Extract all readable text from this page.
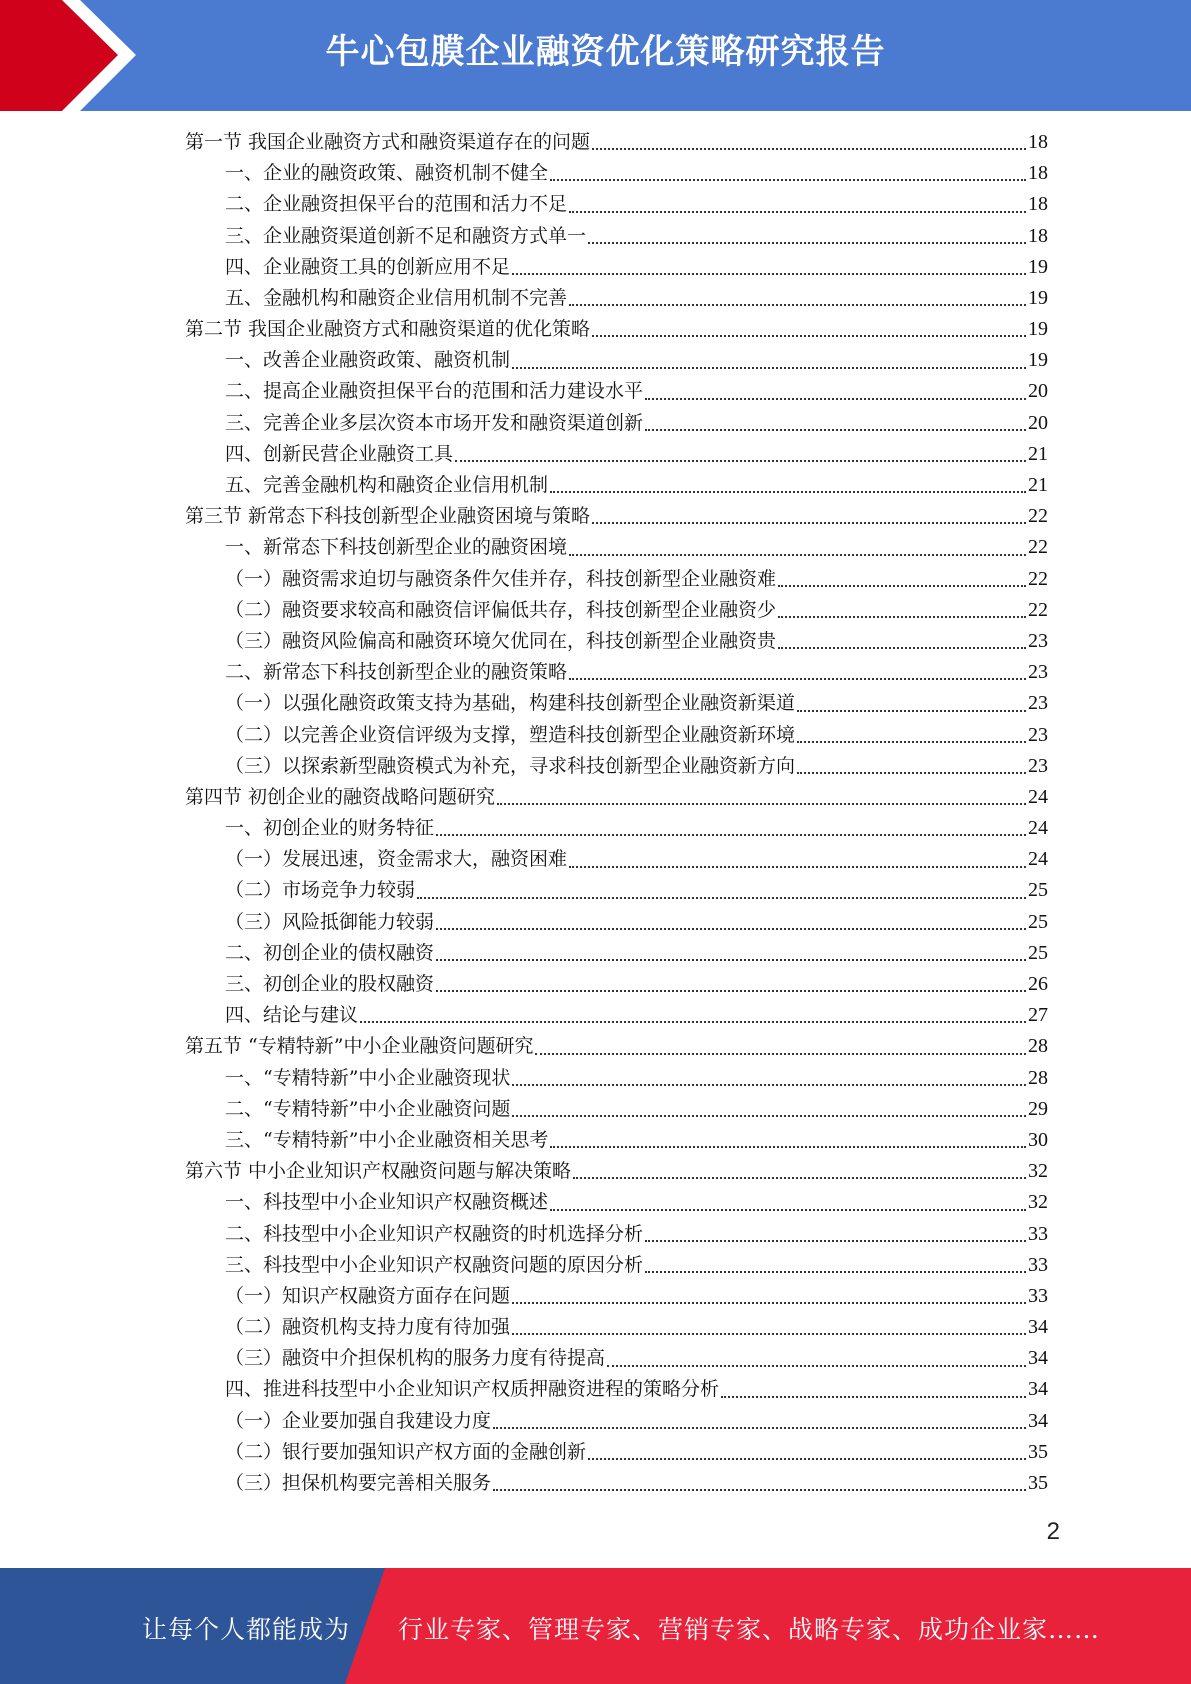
牛心包膜企业融资优化策略研究报告
第一节 我国企业融资方式和融资渠道存在的问题	18
一、企业的融资政策、融资机制不健全	18
二、企业融资担保平台的范围和活力不足	18
三、企业融资渠道创新不足和融资方式单一	18
四、企业融资工具的创新应用不足	19
五、金融机构和融资企业信用机制不完善	19
第二节 我国企业融资方式和融资渠道的优化策略	19
一、改善企业融资政策、融资机制	19
二、提高企业融资担保平台的范围和活力建设水平	20
三、完善企业多层次资本市场开发和融资渠道创新	20
四、创新民营企业融资工具	21
五、完善金融机构和融资企业信用机制	21
第三节 新常态下科技创新型企业融资困境与策略	22
一、新常态下科技创新型企业的融资困境	22
（一）融资需求迫切与融资条件欠佳并存，科技创新型企业融资难	22
（二）融资要求较高和融资信评偏低共存，科技创新型企业融资少	22
（三）融资风险偏高和融资环境欠优同在，科技创新型企业融资贵	23
二、新常态下科技创新型企业的融资策略	23
（一）以强化融资政策支持为基础，构建科技创新型企业融资新渠道	23
（二）以完善企业资信评级为支撑，塑造科技创新型企业融资新环境	23
（三）以探索新型融资模式为补充，寻求科技创新型企业融资新方向	23
第四节 初创企业的融资战略问题研究	24
一、初创企业的财务特征	24
（一）发展迅速，资金需求大，融资困难	24
（二）市场竞争力较弱	25
（三）风险抵御能力较弱	25
二、初创企业的债权融资	25
三、初创企业的股权融资	26
四、结论与建议	27
第五节 “专精特新”中小企业融资问题研究	28
一、“专精特新”中小企业融资现状	28
二、“专精特新”中小企业融资问题	29
三、“专精特新”中小企业融资相关思考	30
第六节 中小企业知识产权融资问题与解决策略	32
一、科技型中小企业知识产权融资概述	32
二、科技型中小企业知识产权融资的时机选择分析	33
三、科技型中小企业知识产权融资问题的原因分析	33
（一）知识产权融资方面存在问题	33
（二）融资机构支持力度有待加强	34
（三）融资中介担保机构的服务力度有待提高	34
四、推进科技型中小企业知识产权质押融资进程的策略分析	34
（一）企业要加强自我建设力度	34
（二）银行要加强知识产权方面的金融创新	35
（三）担保机构要完善相关服务	35
2
让每个人都能成为 行业专家、管理专家、营销专家、战略专家、成功企业家……
